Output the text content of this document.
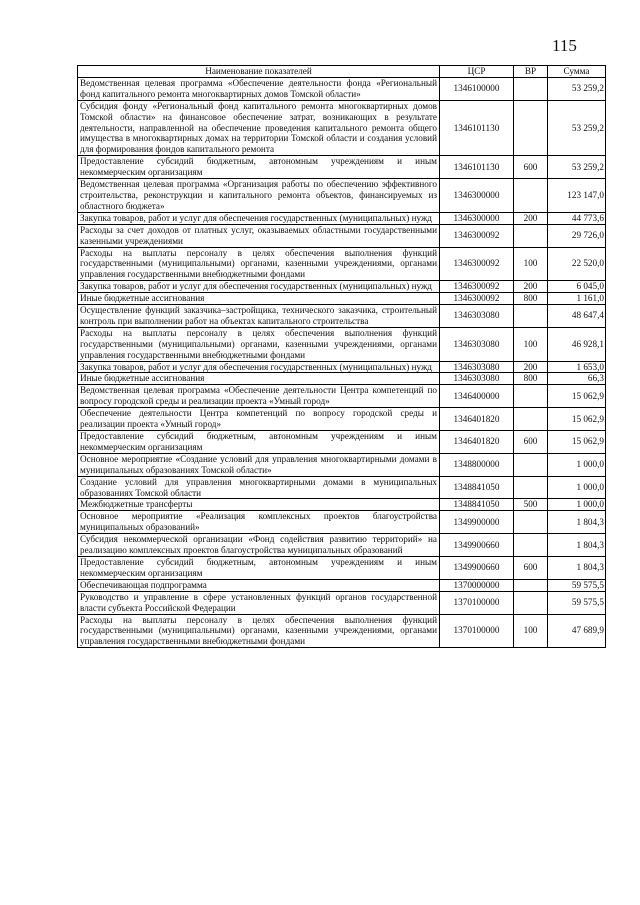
115
Наименование показателей	ЦСР	ВР	Сумма
Ведомственная целевая программа «Обеспечение деятельности фонда «Региональный фонд капитального ремонта многоквартирных домов Томской области»	1346100000		53 259,2
Субсидия фонду «Региональный фонд капитального ремонта многоквартирных домов Томской области» на финансовое обеспечение затрат, возникающих в результате деятельности, направленной на обеспечение проведения капитального ремонта общего имущества в многоквартирных домах на территории Томской области и создания условий для формирования фондов капитального ремонта	1346101130		53 259,2
Предоставление субсидий бюджетным, автономным учреждениям и иным некоммерческим организациям	1346101130	600	53 259,2
Ведомственная целевая программа «Организация работы по обеспечению эффективного строительства, реконструкции и капитального ремонта объектов, финансируемых из областного бюджета»	1346300000		123 147,0
Закупка товаров, работ и услуг для обеспечения государственных (муниципальных) нужд	1346300000	200	44 773,6
Расходы за счет доходов от платных услуг, оказываемых областными государственными казенными учреждениями	1346300092		29 726,0
Расходы на выплаты персоналу в целях обеспечения выполнения функций государственными (муниципальными) органами, казенными учреждениями, органами управления государственными внебюджетными фондами	1346300092	100	22 520,0
Закупка товаров, работ и услуг для обеспечения государственных (муниципальных) нужд	1346300092	200	6 045,0
Иные бюджетные ассигнования	1346300092	800	1 161,0
Осуществление функций заказчика–застройщика, технического заказчика, строительный контроль при выполнении работ на объектах капитального строительства	1346303080		48 647,4
Расходы на выплаты персоналу в целях обеспечения выполнения функций государственными (муниципальными) органами, казенными учреждениями, органами управления государственными внебюджетными фондами	1346303080	100	46 928,1
Закупка товаров, работ и услуг для обеспечения государственных (муниципальных) нужд	1346303080	200	1 653,0
Иные бюджетные ассигнования	1346303080	800	66,3
Ведомственная целевая программа «Обеспечение деятельности Центра компетенций по вопросу городской среды и реализации проекта «Умный город»	1346400000		15 062,9
Обеспечение деятельности Центра компетенций по вопросу городской среды и реализации проекта «Умный город»	1346401820		15 062,9
Предоставление субсидий бюджетным, автономным учреждениям и иным некоммерческим организациям	1346401820	600	15 062,9
Основное мероприятие «Создание условий для управления многоквартирными домами в муниципальных образованиях Томской области»	1348800000		1 000,0
Создание условий для управления многоквартирными домами в муниципальных образованиях Томской области	1348841050		1 000,0
Межбюджетные трансферты	1348841050	500	1 000,0
Основное мероприятие «Реализация комплексных проектов благоустройства муниципальных образований»	1349900000		1 804,3
Субсидия некоммерческой организации «Фонд содействия развитию территорий» на реализацию комплексных проектов благоустройства муниципальных образований	1349900660		1 804,3
Предоставление субсидий бюджетным, автономным учреждениям и иным некоммерческим организациям	1349900660	600	1 804,3
Обеспечивающая подпрограмма	1370000000		59 575,5
Руководство и управление в сфере установленных функций органов государственной власти субъекта Российской Федерации	1370100000		59 575,5
Расходы на выплаты персоналу в целях обеспечения выполнения функций государственными (муниципальными) органами, казенными учреждениями, органами управления государственными внебюджетными фондами	1370100000	100	47 689,9
